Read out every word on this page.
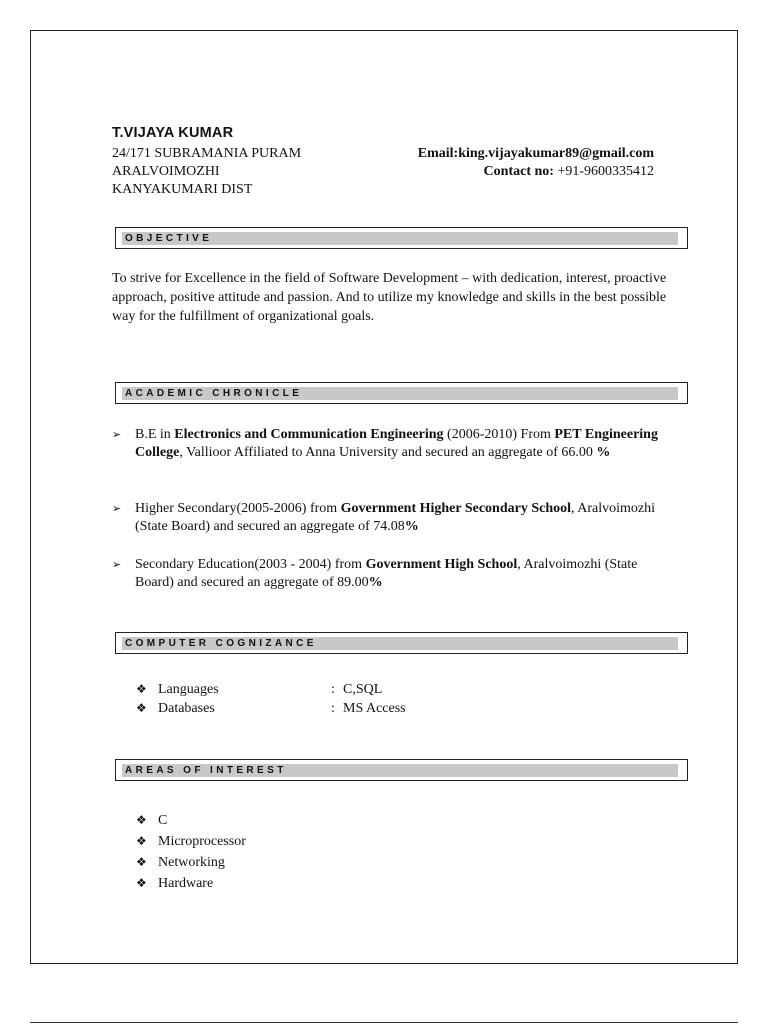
T.VIJAYA KUMAR
24/171 SUBRAMANIA PURAM
ARALVOIMOZHI
KANYAKUMARI DIST
Email:king.vijayakumar89@gmail.com
Contact no: +91-9600335412
OBJECTIVE
To strive for Excellence in the field of Software Development – with dedication, interest, proactive approach, positive attitude and passion. And to utilize my knowledge and skills in the best possible way for the fulfillment of organizational goals.
ACADEMIC CHRONICLE
➢ B.E in Electronics and Communication Engineering (2006-2010) From PET Engineering College, Vallioor Affiliated to Anna University and secured an aggregate of 66.00 %
➢ Higher Secondary(2005-2006) from Government Higher Secondary School, Aralvoimozhi (State Board) and secured an aggregate of 74.08%
➢ Secondary Education(2003 - 2004) from Government High School, Aralvoimozhi (State Board) and secured an aggregate of 89.00%
COMPUTER COGNIZANCE
❖ Languages	: C,SQL
❖ Databases	: MS Access
AREAS OF INTEREST
❖ C
❖ Microprocessor
❖ Networking
❖ Hardware
